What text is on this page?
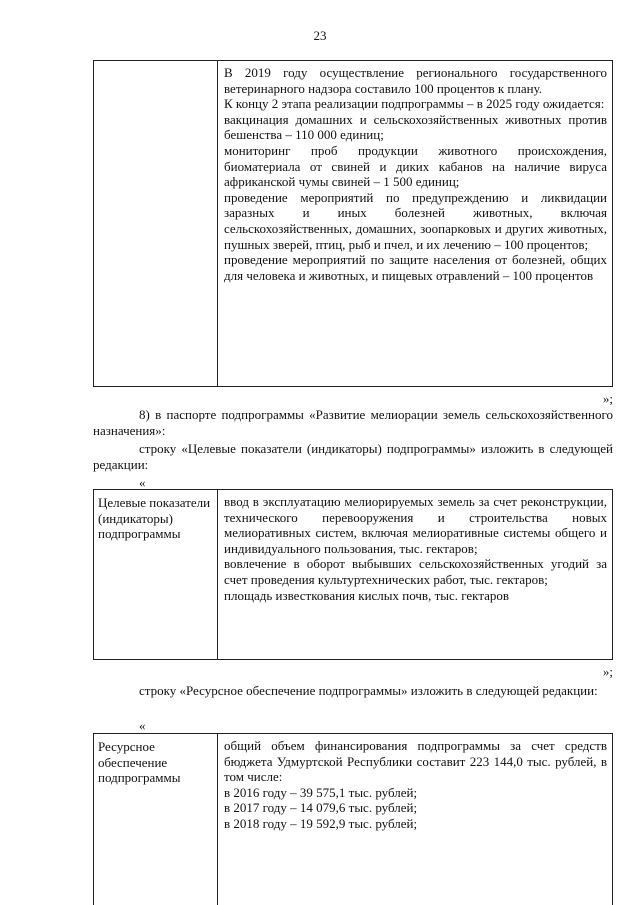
23

В 2019 году осуществление регионального государственного ветеринарного надзора составило 100 процентов к плану.

К концу 2 этапа реализации подпрограммы – в 2025 году ожидается:

вакцинация домашних и сельскохозяйственных животных против бешенства – 110 000 единиц;

мониторинг проб продукции животного происхождения, биоматериала от свиней и диких кабанов на наличие вируса африканской чумы свиней – 1 500 единиц;

проведение мероприятий по предупреждению и ликвидации заразных и иных болезней животных, включая сельскохозяйственных, домашних, зоопарковых и других животных, пушных зверей, птиц, рыб и пчел, и их лечению – 100 процентов;

проведение мероприятий по защите населения от болезней, общих для человека и животных, и пищевых отравлений – 100 процентов

»;

8) в паспорте подпрограммы «Развитие мелиорации земель сельскохозяйственного назначения»:

строку «Целевые показатели (индикаторы) подпрограммы» изложить в следующей редакции:

«
Целевые показатели (индикаторы) подпрограммы

ввод в эксплуатацию мелиорируемых земель за счет реконструкции, технического перевооружения и строительства новых мелиоративных систем, включая мелиоративные системы общего и индивидуального пользования, тыс. гектаров;

вовлечение в оборот выбывших сельскохозяйственных угодий за счет проведения культуртехнических работ, тыс. гектаров;

площадь известкования кислых почв, тыс. гектаров

»;

строку «Ресурсное обеспечение подпрограммы» изложить в следующей редакции:

«
Ресурсное обеспечение подпрограммы

общий объем финансирования подпрограммы за счет средств бюджета Удмуртской Республики составит 223 144,0 тыс. рублей, в том числе:

в 2016 году – 39 575,1 тыс. рублей;

в 2017 году – 14 079,6 тыс. рублей;

в 2018 году – 19 592,9 тыс. рублей;
